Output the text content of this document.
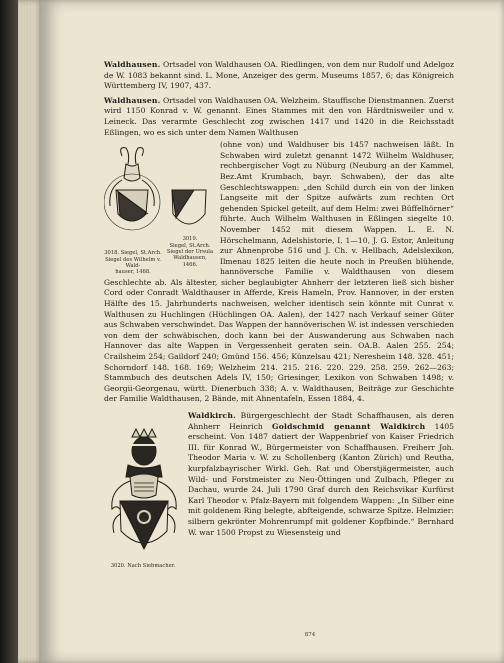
Waldhausen. Ortsadel von Waldhausen OA. Riedlingen, von dem nur Rudolf und Adelgoz de W. 1083 bekannt sind. L. Mone, Anzeiger des germ. Museums 1857, 6; das Königreich Württemberg IV, 1907, 437.

Waldhausen. Ortsadel von Waldhausen OA. Welzheim. Stauffische Dienstmannen. Zuerst wird 1150 Konrad v. W. genannt. Eines Stammes mit den von Härdtnisweiler und v. Leineck. Das verarmte Geschlecht zog zwischen 1417 und 1420 in die Reichsstadt Eßlingen, wo es sich unter dem Namen Walthusen

3018. Siegel, St.Arch.
Siegel des Wilhelm v. Wald-
hauser, 1468.
3019.
Siegel, St.Arch.
Siegel der Ursula
Waldhausen, 1466.
(ohne von) und Waldhuser bis 1457 nachweisen läßt. In Schwaben wird zuletzt genannt 1472 Wilhelm Waldhuser, rechbergischer Vogt zu Nüburg (Neuburg an der Kammel, Bez.Amt Krumbach, bayr. Schwaben), der das alte Geschlechtswappen: „den Schild durch ein von der linken Langseite mit der Spitze aufwärts zum rechten Ort gehenden Spickel geteilt, auf dem Helm: zwei Büffelhörner“ führte. Auch Wilhelm Walthusen in Eßlingen siegelte 10. November 1452 mit diesem Wappen. L. E. N. Hörschelmann, Adelshistorie, I, 1—10, J. G. Estor, Anleitung zur Ahnenprobe 516 und J. Ch. v. Hellbach, Adelslexikon, Ilmenau 1825 leiten die heute noch in Preußen blühende, hannöversche Familie v. Waldthausen von diesem Geschlechte ab. Als ältester, sicher beglaubigter Ahnherr der letzteren ließ sich bisher Cord oder Conradt Waldthauser in Afferde, Kreis Hameln, Prov. Hannover, in der ersten Hälfte des 15. Jahrhunderts nachweisen, welcher identisch sein könnte mit Cunrat v. Walthusen zu Huchlingen (Hüchlingen OA. Aalen), der 1427 nach Verkauf seiner Güter aus Schwaben verschwindet. Das Wappen der hannöverischen W. ist indessen verschieden von dem der schwäbischen, doch kann bei der Auswanderung aus Schwaben nach Hannover das alte Wappen in Vergessenheit geraten sein. OA.B. Aalen 255. 254; Crailsheim 254; Gaildorf 240; Gmünd 156. 456; Künzelsau 421; Neresheim 148. 328. 451; Schorndorf 148. 168. 169; Welzheim 214. 215. 216. 220. 229. 258. 259. 262—263; Stammbuch des deutschen Adels IV, 150; Griesinger, Lexikon von Schwaben 1498; v. Georgii-Georgenau, württ. Dienerbuch 338; A. v. Waldthausen, Beiträge zur Geschichte der Familie Waldthausen, 2 Bände, mit Ahnentafeln, Essen 1884, 4.
3020. Nach Siebmacher.
Waldkirch. Bürgergeschlecht der Stadt Schaffhausen, als deren Ahnherr Heinrich Goldschmid genannt Waldkirch 1405 erscheint. Von 1487 datiert der Wappenbrief von Kaiser Friedrich III. für Konrad W., Bürgermeister von Schaffhausen. Freiherr Joh. Theodor Maria v. W. zu Schollenberg (Kanton Zürich) und Reutha, kurpfalzbayrischer Wirkl. Geh. Rat und Oberstjägermeister, auch Wild- und Forstmeister zu Neu-Öttingen und Zulbach, Pfleger zu Dachau, wurde 24. Juli 1790 Graf durch den Reichsvikar Kurfürst Karl Theodor v. Pfalz-Bayern mit folgendem Wappen: „In Silber eine mit goldenem Ring belegte, abfteigende, schwarze Spitze. Helmzier: silbern gekrönter Mohrenrumpf mit goldener Kopfbinde.“ Bernhard W. war 1500 Propst zu Wiesensteig und
874
